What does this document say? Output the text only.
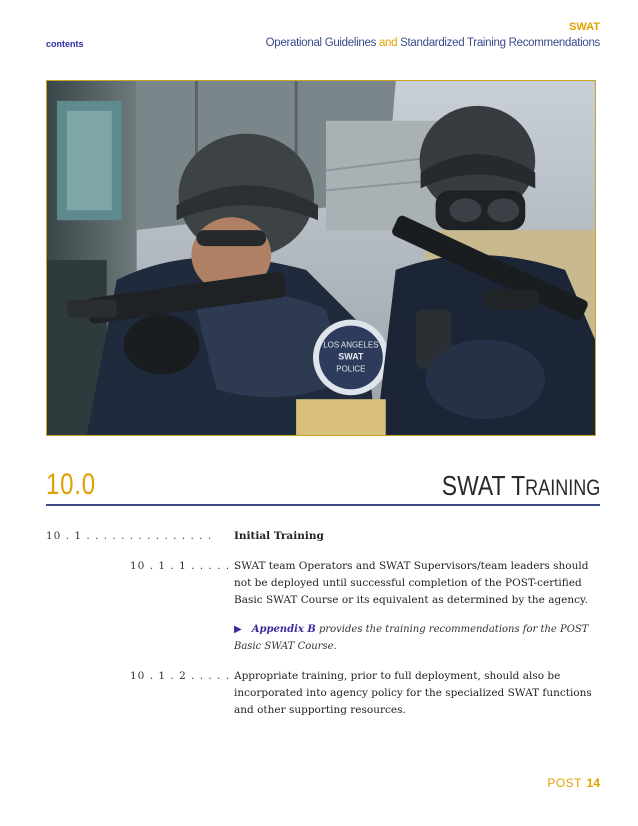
contents
SWAT
Operational Guidelines and Standardized Training Recommendations
LOS ANGELES
SWAT
POLICE
10.0	SWAT TRAINING
10 . 1 . . . . . . . . . . . . . . . Initial Training
10 . 1 . 1 . . . . . .
SWAT team Operators and SWAT Supervisors/team leaders should not be deployed until successful completion of the POST-certified Basic SWAT Course or its equivalent as determined by the agency.
▶ Appendix B provides the training recommendations for the POST Basic SWAT Course.
10 . 1 . 2 . . . . . .
Appropriate training, prior to full deployment, should also be incorporated into agency policy for the specialized SWAT functions and other supporting resources.
POST 14
